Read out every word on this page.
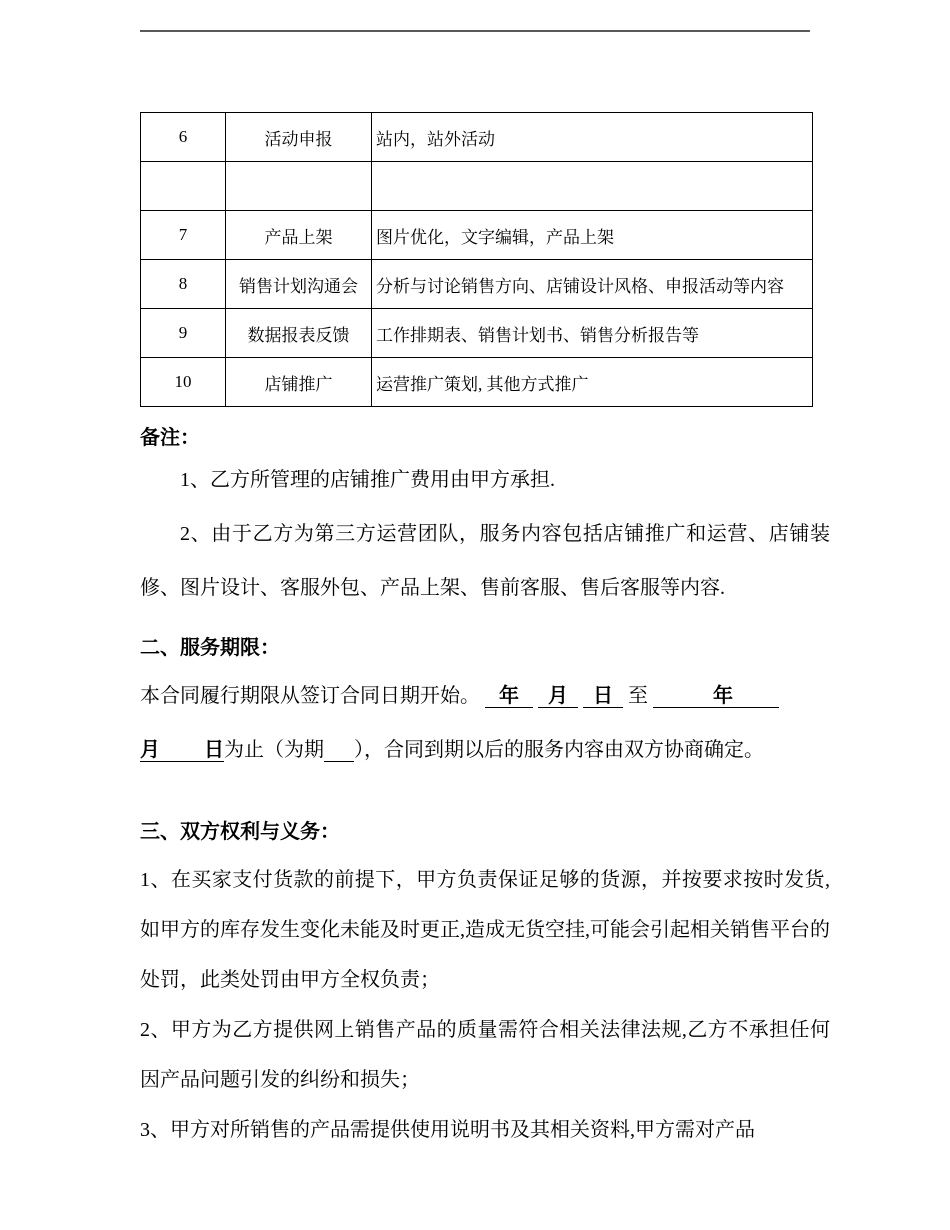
6	活动申报	站内，站外活动

7	产品上架	图片优化，文字编辑，产品上架
8	销售计划沟通会	分析与讨论销售方向、店铺设计风格、申报活动等内容
9	数据报表反馈	工作排期表、销售计划书、销售分析报告等
10	店铺推广	运营推广策划, 其他方式推广

备注：

1、乙方所管理的店铺推广费用由甲方承担.

2、由于乙方为第三方运营团队，服务内容包括店铺推广和运营、店铺装修、图片设计、客服外包、产品上架、售前客服、售后客服等内容.

二、服务期限：

本合同履行期限从签订合同日期开始。 年 月 日 至	年

月 日为止（为期 ），合同到期以后的服务内容由双方协商确定。

三、双方权利与义务：

1、在买家支付货款的前提下，甲方负责保证足够的货源，并按要求按时发货,如甲方的库存发生变化未能及时更正,造成无货空挂,可能会引起相关销售平台的处罚，此类处罚由甲方全权负责；

2、甲方为乙方提供网上销售产品的质量需符合相关法律法规,乙方不承担任何因产品问题引发的纠纷和损失；

3、甲方对所销售的产品需提供使用说明书及其相关资料,甲方需对产品
